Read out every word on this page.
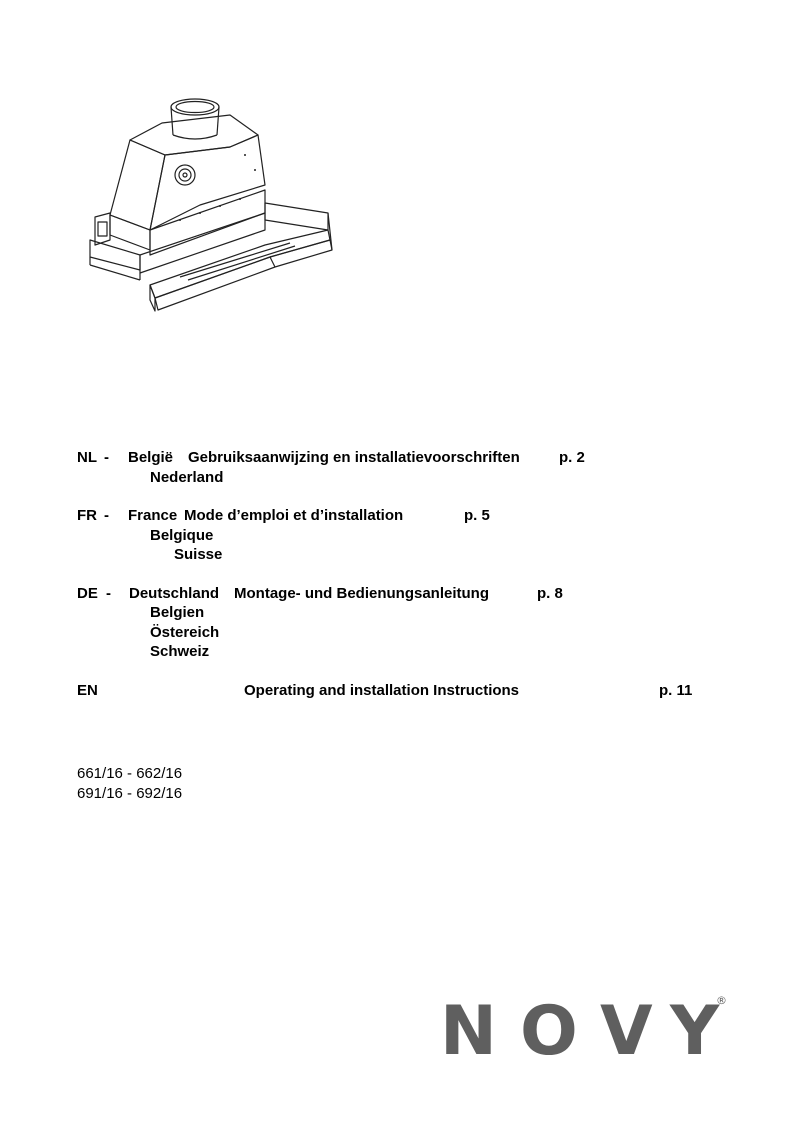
NL - België Gebruiksaanwijzing en installatievoorschriften	p. 2
Nederland
FR - France Mode d’emploi et d’installation	p. 5
Belgique
Suisse
DE - Deutschland Montage- und Bedienungsanleitung	p. 8
Belgien
Östereich
Schweiz
EN	Operating and installation Instructions	p. 11
661/16 - 662/16
691/16 - 692/16
N O V Y
®
